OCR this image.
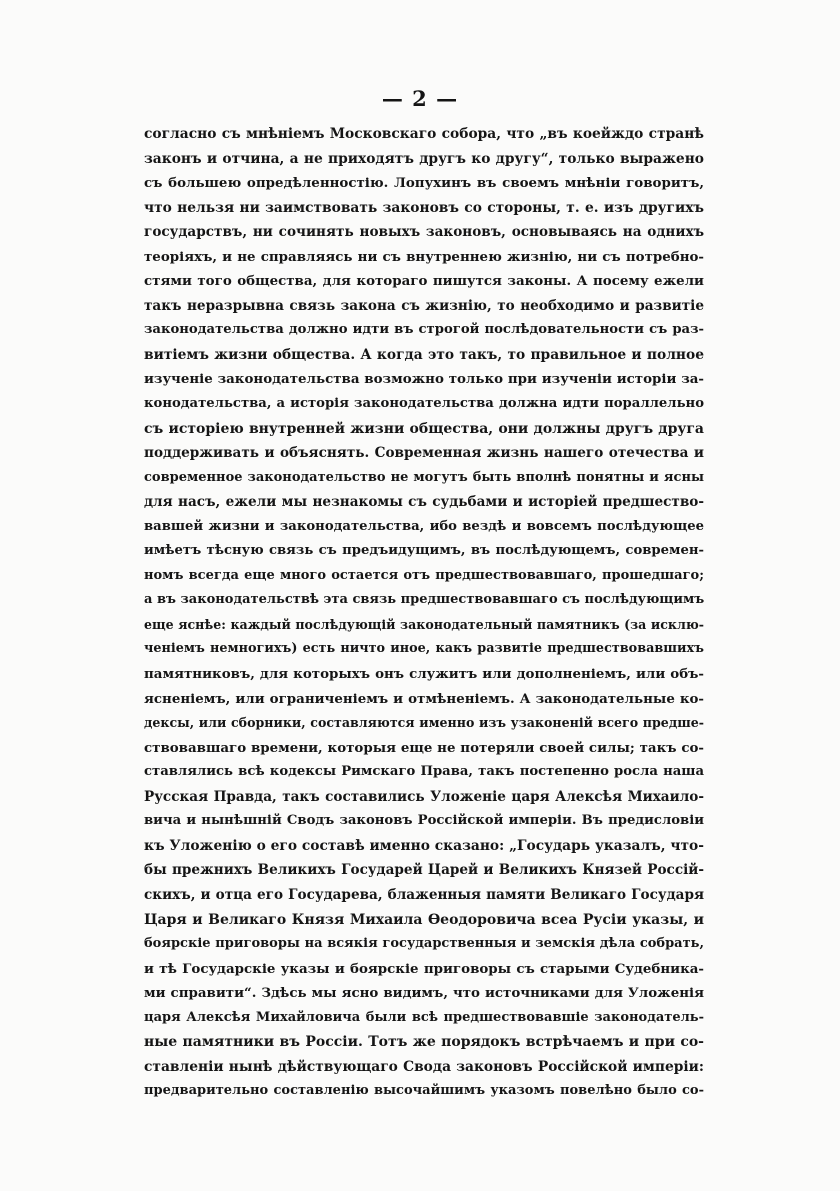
— 2 —
согласно съ мнѣніемъ Московскаго собора, что „въ коейждо странѣ
законъ и отчина, а не приходятъ другъ ко другу“, только выражено
съ большею опредѣленностію. Лопухинъ въ своемъ мнѣніи говоритъ,
что нельзя ни заимствовать законовъ со стороны, т. е. изъ другихъ
государствъ, ни сочинять новыхъ законовъ, основываясь на однихъ
теоріяхъ, и не справляясь ни съ внутреннею жизнію, ни съ потребно-
стями того общества, для котораго пишутся законы. А посему ежели
такъ неразрывна связь закона съ жизнію, то необходимо и развитіе
законодательства должно идти въ строгой послѣдовательности съ раз-
витіемъ жизни общества. А когда это такъ, то правильное и полное
изученіе законодательства возможно только при изученіи исторіи за-
конодательства, а исторія законодательства должна идти пораллельно
съ исторіею внутренней жизни общества, они должны другъ друга
поддерживать и объяснять. Современная жизнь нашего отечества и
современное законодательство не могутъ быть вполнѣ понятны и ясны
для насъ, ежели мы незнакомы съ судьбами и исторіей предшество-
вавшей жизни и законодательства, ибо вездѣ и вовсемъ послѣдующее
имѣетъ тѣсную связь съ предъидущимъ, въ послѣдующемъ, современ-
номъ всегда еще много остается отъ предшествовавшаго, прошедшаго;
а въ законодательствѣ эта связь предшествовавшаго съ послѣдующимъ
еще яснѣе: каждый послѣдующій законодательный памятникъ (за исклю-
ченіемъ немногихъ) есть ничто иное, какъ развитіе предшествовавшихъ
памятниковъ, для которыхъ онъ служитъ или дополненіемъ, или объ-
ясненіемъ, или ограниченіемъ и отмѣненіемъ. А законодательные ко-
дексы, или сборники, составляются именно изъ узаконеній всего предше-
ствовавшаго времени, которыя еще не потеряли своей силы; такъ со-
ставлялись всѣ кодексы Римскаго Права, такъ постепенно росла наша
Русская Правда, такъ составились Уложеніе царя Алексѣя Михаило-
вича и нынѣшній Сводъ законовъ Россійской имперіи. Въ предисловіи
къ Уложенію о его составѣ именно сказано: „Государь указалъ, что-
бы прежнихъ Великихъ Государей Царей и Великихъ Князей Россій-
скихъ, и отца его Государева, блаженныя памяти Великаго Государя
Царя и Великаго Князя Михаила Ѳеодоровича всеа Русіи указы, и
боярскіе приговоры на всякія государственныя и земскія дѣла собрать,
и тѣ Государскіе указы и боярскіе приговоры съ старыми Судебника-
ми справити“. Здѣсь мы ясно видимъ, что источниками для Уложенія
царя Алексѣя Михайловича были всѣ предшествовавшіе законодатель-
ные памятники въ Россіи. Тотъ же порядокъ встрѣчаемъ и при со-
ставленіи нынѣ дѣйствующаго Свода законовъ Россійской имперіи:
предварительно составленію высочайшимъ указомъ повелѣно было со-
